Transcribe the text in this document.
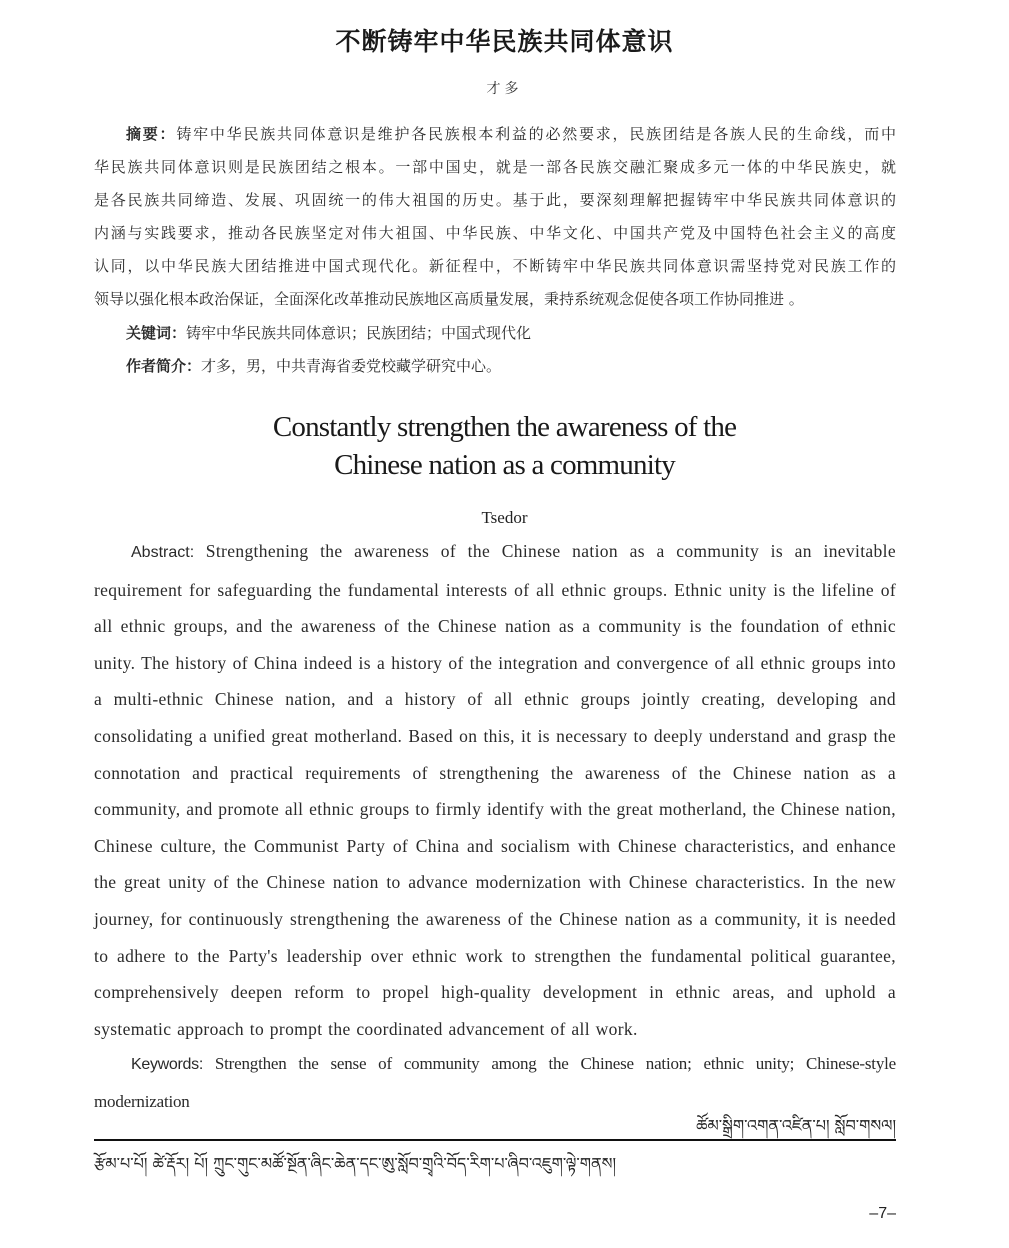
不断铸牢中华民族共同体意识
才多
摘要：铸牢中华民族共同体意识是维护各民族根本利益的必然要求，民族团结是各族人民的生命线，而中
华民族共同体意识则是民族团结之根本。一部中国史，就是一部各民族交融汇聚成多元一体的中华民族史，就
是各民族共同缔造、发展、巩固统一的伟大祖国的历史。基于此，要深刻理解把握铸牢中华民族共同体意识的
内涵与实践要求，推动各民族坚定对伟大祖国、中华民族、中华文化、中国共产党及中国特色社会主义的高度
认同，以中华民族大团结推进中国式现代化。新征程中，不断铸牢中华民族共同体意识需坚持党对民族工作的
领导以强化根本政治保证，全面深化改革推动民族地区高质量发展，秉持系统观念促使各项工作协同推进 。
关键词：铸牢中华民族共同体意识；民族团结；中国式现代化
作者简介：才多，男，中共青海省委党校藏学研究中心。
Constantly strengthen the awareness of the
Chinese nation as a community
Tsedor
Abstract: Strengthening the awareness of the Chinese nation as a community is an inevitable requirement for safeguarding the fundamental interests of all ethnic groups. Ethnic unity is the lifeline of all ethnic groups, and the awareness of the Chinese nation as a community is the foundation of ethnic unity. The history of China indeed is a history of the integration and convergence of all ethnic groups into a multi-ethnic Chinese nation, and a history of all ethnic groups jointly creating, developing and consolidating a unified great motherland. Based on this, it is necessary to deeply understand and grasp the connotation and practical requirements of strengthening the awareness of the Chinese nation as a community, and promote all ethnic groups to firmly identify with the great motherland, the Chinese nation, Chinese culture, the Communist Party of China and socialism with Chinese characteristics, and enhance the great unity of the Chinese nation to advance modernization with Chinese characteristics. In the new journey, for continuously strengthening the awareness of the Chinese nation as a community, it is needed to adhere to the Party's leadership over ethnic work to strengthen the fundamental political guarantee, comprehensively deepen reform to propel high-quality development in ethnic areas, and uphold a systematic approach to prompt the coordinated advancement of all work.
Keywords: Strengthen the sense of community among the Chinese nation; ethnic unity; Chinese-style modernization
ཚོམ་སྒྲིག་འགན་འཛིན་པ། སློབ་གསལ།
རྩོམ་པ་པོ། ཚེ་རྡོར། པོ། ཀྲུང་གུང་མཚོ་སྔོན་ཞིང་ཆེན་དང་ཨུ་སློབ་གྲྭའི་བོད་རིག་པ་ཞིབ་འཇུག་ལྟེ་གནས།
–7–
